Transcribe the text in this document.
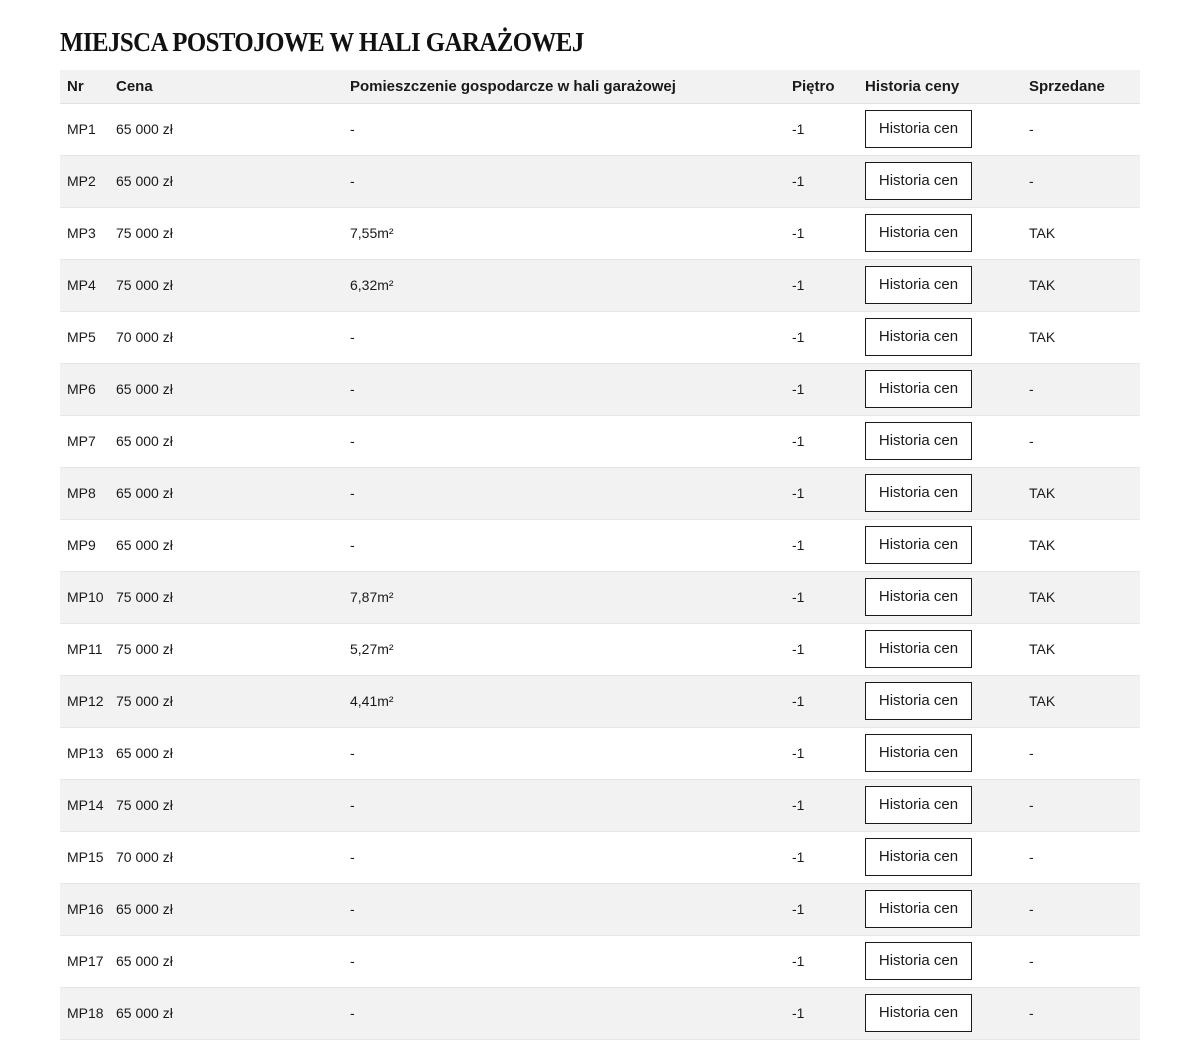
MIEJSCA POSTOJOWE W HALI GARAŻOWEJ
Nr	Cena	Pomieszczenie gospodarcze w hali garażowej	Piętro	Historia ceny	Sprzedane
MP1	65 000 zł	-	-1	Historia cen	-
MP2	65 000 zł	-	-1	Historia cen	-
MP3	75 000 zł	7,55m²	-1	Historia cen	TAK
MP4	75 000 zł	6,32m²	-1	Historia cen	TAK
MP5	70 000 zł	-	-1	Historia cen	TAK
MP6	65 000 zł	-	-1	Historia cen	-
MP7	65 000 zł	-	-1	Historia cen	-
MP8	65 000 zł	-	-1	Historia cen	TAK
MP9	65 000 zł	-	-1	Historia cen	TAK
MP10	75 000 zł	7,87m²	-1	Historia cen	TAK
MP11	75 000 zł	5,27m²	-1	Historia cen	TAK
MP12	75 000 zł	4,41m²	-1	Historia cen	TAK
MP13	65 000 zł	-	-1	Historia cen	-
MP14	75 000 zł	-	-1	Historia cen	-
MP15	70 000 zł	-	-1	Historia cen	-
MP16	65 000 zł	-	-1	Historia cen	-
MP17	65 000 zł	-	-1	Historia cen	-
MP18	65 000 zł	-	-1	Historia cen	-
